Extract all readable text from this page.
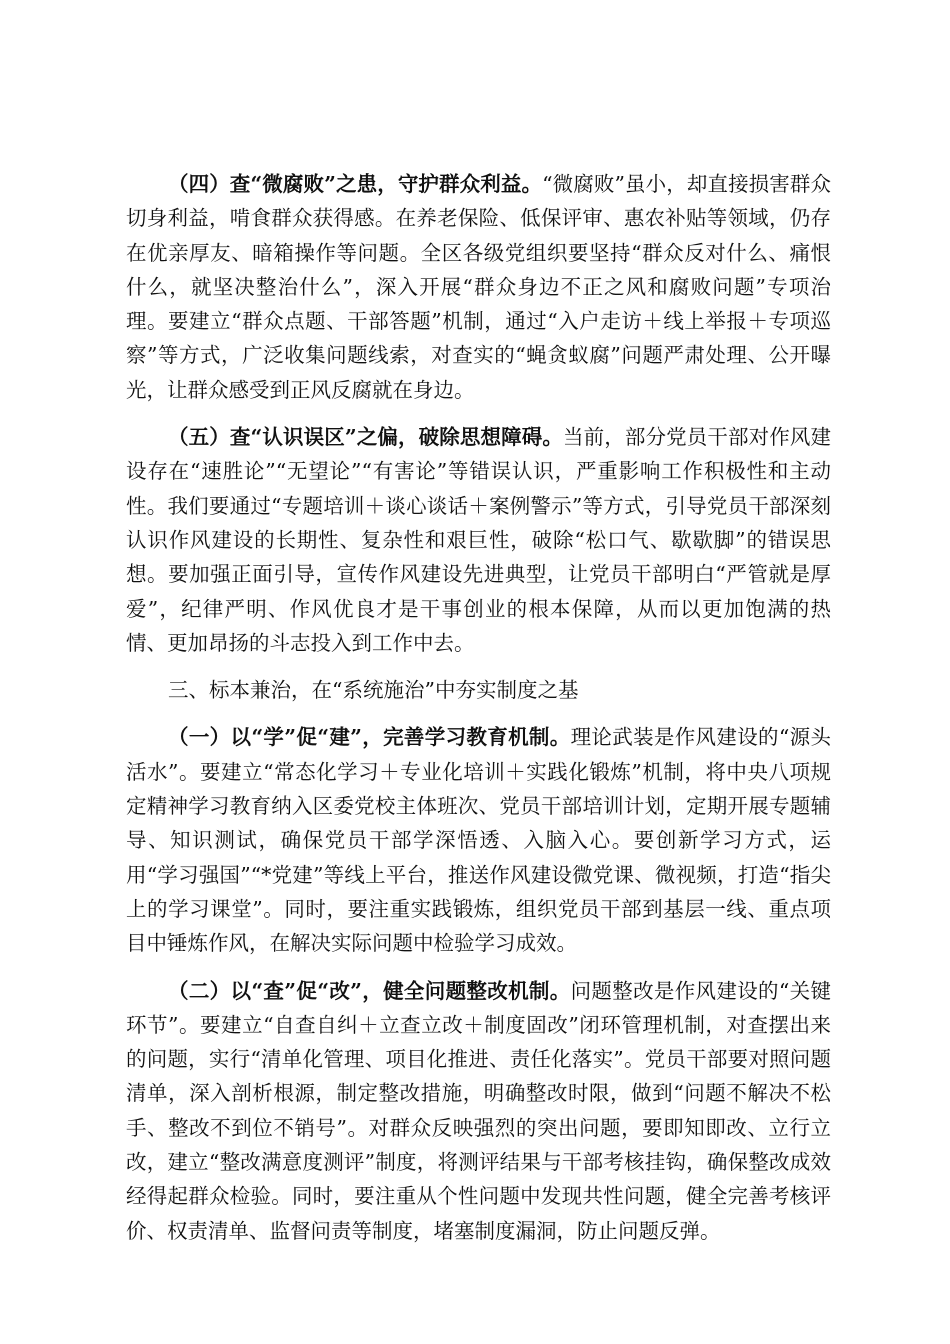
（四）查“微腐败”之患，守护群众利益。“微腐败”虽小，却直接损害群众切身利益，啃食群众获得感。在养老保险、低保评审、惠农补贴等领域，仍存在优亲厚友、暗箱操作等问题。全区各级党组织要坚持“群众反对什么、痛恨什么，就坚决整治什么”，深入开展“群众身边不正之风和腐败问题”专项治理。要建立“群众点题、干部答题”机制，通过“入户走访＋线上举报＋专项巡察”等方式，广泛收集问题线索，对查实的“蝇贪蚁腐”问题严肃处理、公开曝光，让群众感受到正风反腐就在身边。

（五）查“认识误区”之偏，破除思想障碍。当前，部分党员干部对作风建设存在“速胜论”“无望论”“有害论”等错误认识，严重影响工作积极性和主动性。我们要通过“专题培训＋谈心谈话＋案例警示”等方式，引导党员干部深刻认识作风建设的长期性、复杂性和艰巨性，破除“松口气、歇歇脚”的错误思想。要加强正面引导，宣传作风建设先进典型，让党员干部明白“严管就是厚爱”，纪律严明、作风优良才是干事创业的根本保障，从而以更加饱满的热情、更加昂扬的斗志投入到工作中去。

三、标本兼治，在“系统施治”中夯实制度之基

（一）以“学”促“建”，完善学习教育机制。理论武装是作风建设的“源头活水”。要建立“常态化学习＋专业化培训＋实践化锻炼”机制，将中央八项规定精神学习教育纳入区委党校主体班次、党员干部培训计划，定期开展专题辅导、知识测试，确保党员干部学深悟透、入脑入心。要创新学习方式，运用“学习强国”“*党建”等线上平台，推送作风建设微党课、微视频，打造“指尖上的学习课堂”。同时，要注重实践锻炼，组织党员干部到基层一线、重点项目中锤炼作风，在解决实际问题中检验学习成效。

（二）以“查”促“改”，健全问题整改机制。问题整改是作风建设的“关键环节”。要建立“自查自纠＋立查立改＋制度固改”闭环管理机制，对查摆出来的问题，实行“清单化管理、项目化推进、责任化落实”。党员干部要对照问题清单，深入剖析根源，制定整改措施，明确整改时限，做到“问题不解决不松手、整改不到位不销号”。对群众反映强烈的突出问题，要即知即改、立行立改，建立“整改满意度测评”制度，将测评结果与干部考核挂钩，确保整改成效经得起群众检验。同时，要注重从个性问题中发现共性问题，健全完善考核评价、权责清单、监督问责等制度，堵塞制度漏洞，防止问题反弹。
